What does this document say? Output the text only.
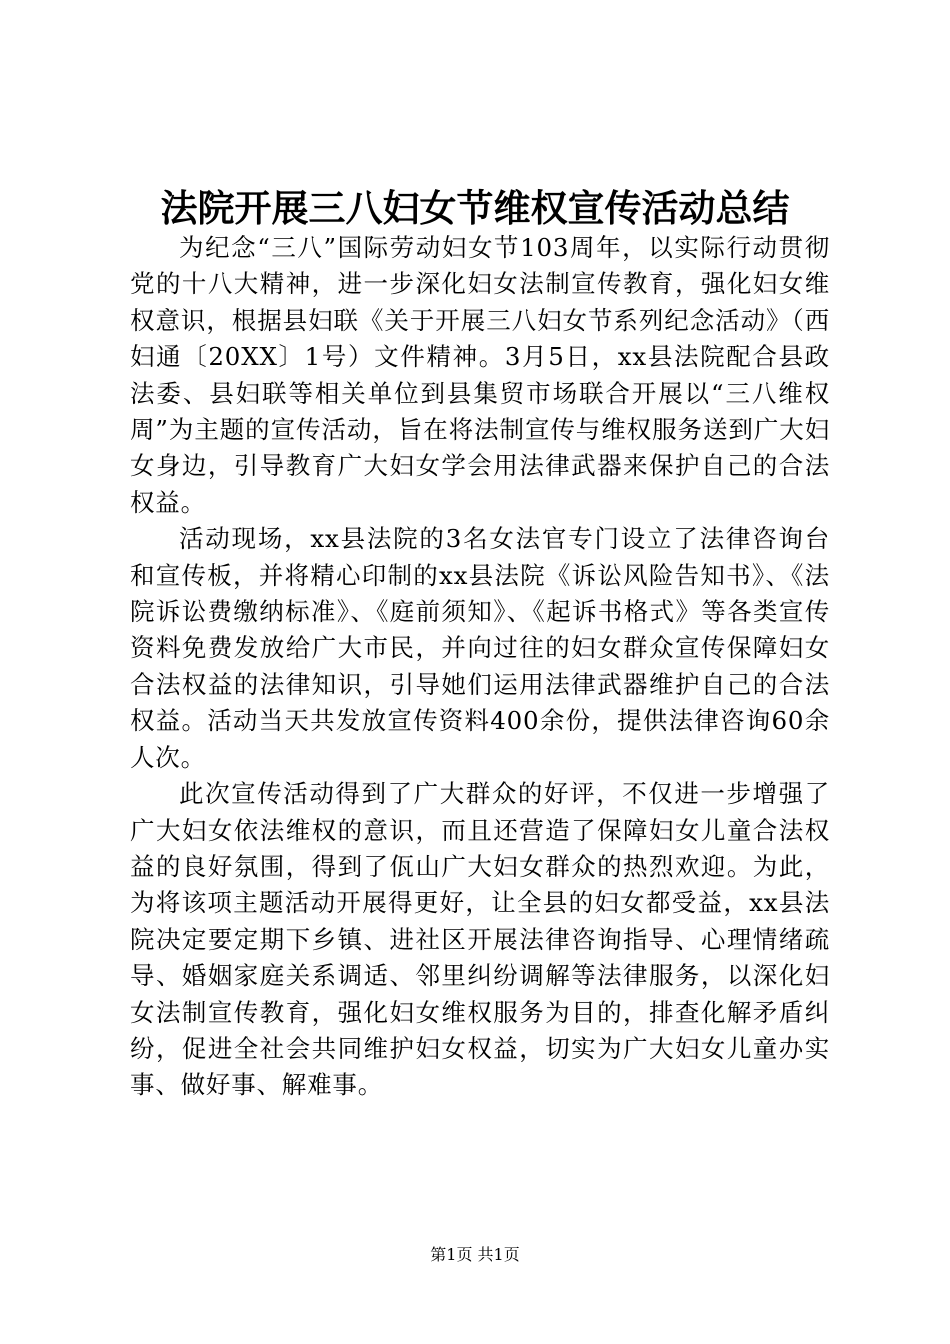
法院开展三八妇女节维权宣传活动总结

为纪念“三八”国际劳动妇女节103周年，以实际行动贯彻党的十八大精神，进一步深化妇女法制宣传教育，强化妇女维权意识，根据县妇联《关于开展三八妇女节系列纪念活动》（西妇通〔20XX〕1号）文件精神。3月5日，xx县法院配合县政法委、县妇联等相关单位到县集贸市场联合开展以“三八维权周”为主题的宣传活动，旨在将法制宣传与维权服务送到广大妇女身边，引导教育广大妇女学会用法律武器来保护自己的合法权益。

活动现场，xx县法院的3名女法官专门设立了法律咨询台和宣传板，并将精心印制的xx县法院《诉讼风险告知书》、《法院诉讼费缴纳标准》、《庭前须知》、《起诉书格式》等各类宣传资料免费发放给广大市民，并向过往的妇女群众宣传保障妇女合法权益的法律知识，引导她们运用法律武器维护自己的合法权益。活动当天共发放宣传资料400余份，提供法律咨询60余人次。

此次宣传活动得到了广大群众的好评，不仅进一步增强了广大妇女依法维权的意识，而且还营造了保障妇女儿童合法权益的良好氛围，得到了佤山广大妇女群众的热烈欢迎。为此，为将该项主题活动开展得更好，让全县的妇女都受益，xx县法院决定要定期下乡镇、进社区开展法律咨询指导、心理情绪疏导、婚姻家庭关系调适、邻里纠纷调解等法律服务，以深化妇女法制宣传教育，强化妇女维权服务为目的，排查化解矛盾纠纷，促进全社会共同维护妇女权益，切实为广大妇女儿童办实事、做好事、解难事。

第1页 共1页
